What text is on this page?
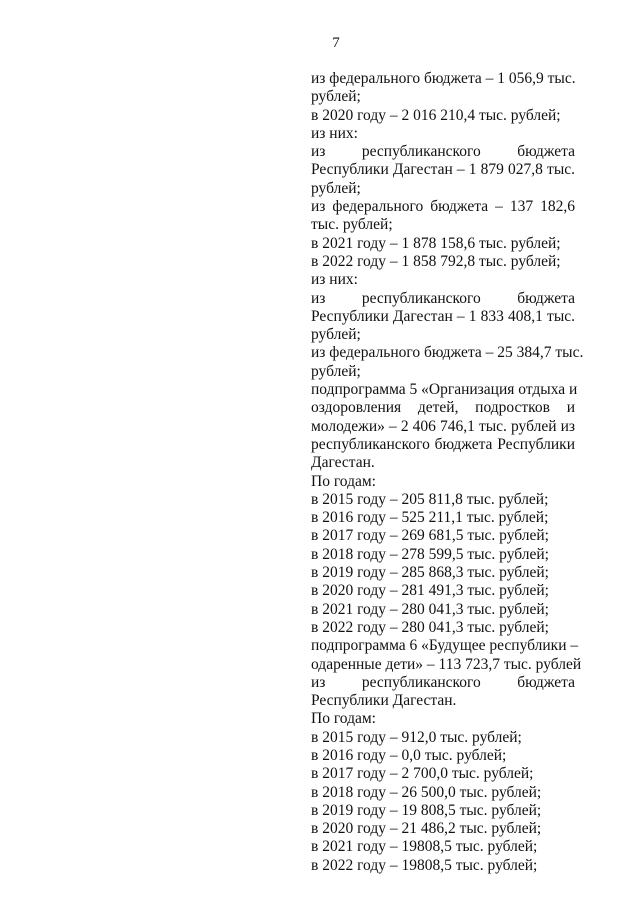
7
из федерального бюджета – 1 056,9 тыс.
рублей;
в 2020 году – 2 016 210,4 тыс. рублей;
из них:
из республиканского бюджета
Республики Дагестан – 1 879 027,8 тыс.
рублей;
из федерального бюджета – 137 182,6
тыс. рублей;
в 2021 году – 1 878 158,6 тыс. рублей;
в 2022 году – 1 858 792,8 тыс. рублей;
из них:
из республиканского бюджета
Республики Дагестан – 1 833 408,1 тыс.
рублей;
из федерального бюджета – 25 384,7 тыс.
рублей;
подпрограмма 5 «Организация отдыха и
оздоровления детей, подростков и
молодежи» – 2 406 746,1 тыс. рублей из
республиканского бюджета Республики
Дагестан.
По годам:
в 2015 году – 205 811,8 тыс. рублей;
в 2016 году – 525 211,1 тыс. рублей;
в 2017 году – 269 681,5 тыс. рублей;
в 2018 году – 278 599,5 тыс. рублей;
в 2019 году – 285 868,3 тыс. рублей;
в 2020 году – 281 491,3 тыс. рублей;
в 2021 году – 280 041,3 тыс. рублей;
в 2022 году – 280 041,3 тыс. рублей;
подпрограмма 6 «Будущее республики –
одаренные дети» – 113 723,7 тыс. рублей
из республиканского бюджета
Республики Дагестан.
По годам:
в 2015 году – 912,0 тыс. рублей;
в 2016 году – 0,0 тыс. рублей;
в 2017 году – 2 700,0 тыс. рублей;
в 2018 году – 26 500,0 тыс. рублей;
в 2019 году – 19 808,5 тыс. рублей;
в 2020 году – 21 486,2 тыс. рублей;
в 2021 году – 19808,5 тыс. рублей;
в 2022 году – 19808,5 тыс. рублей;
